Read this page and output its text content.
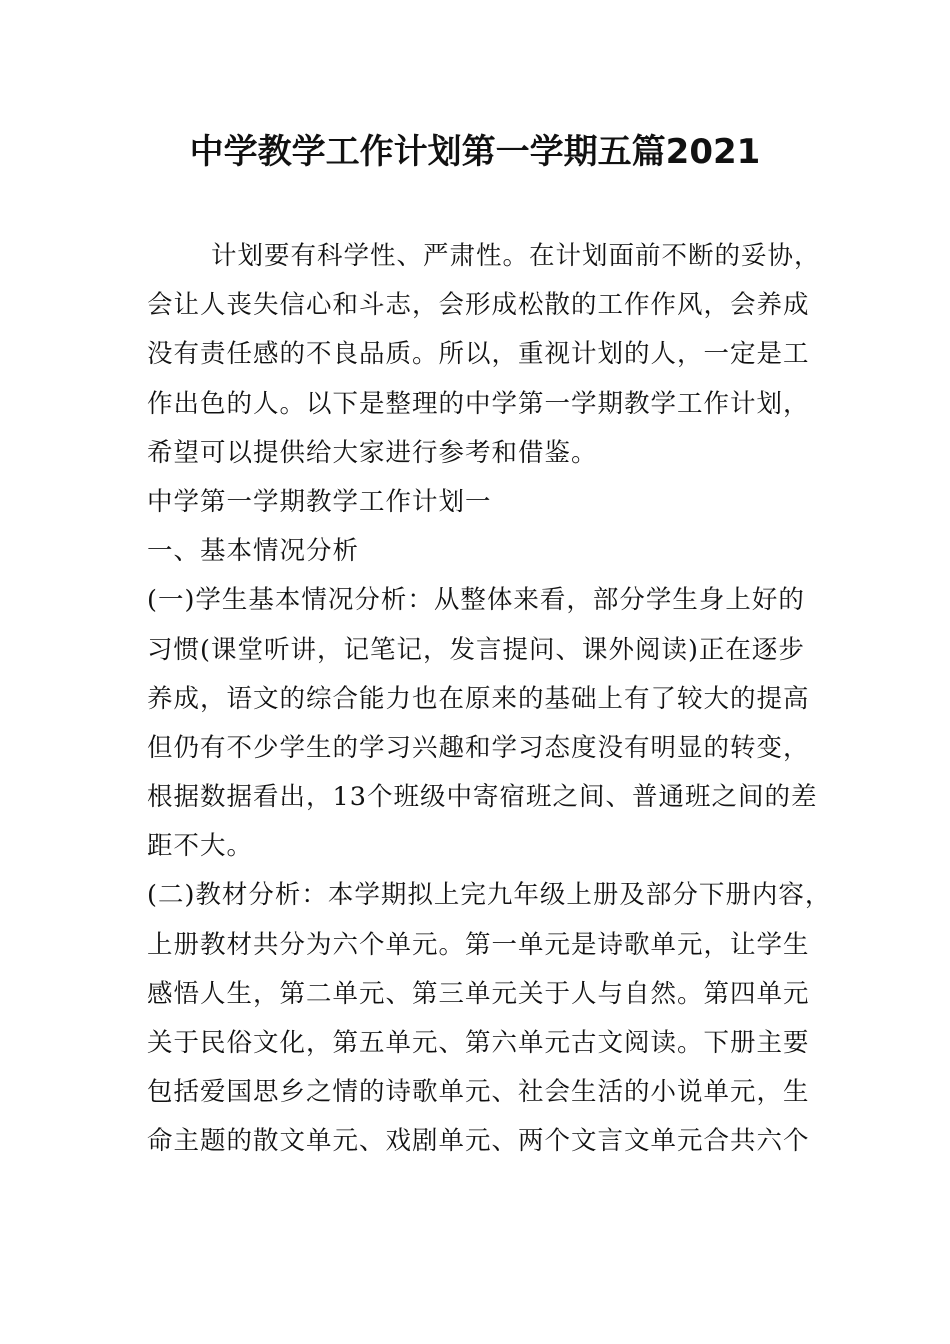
中学教学工作计划第一学期五篇2021
计划要有科学性、严肃性。在计划面前不断的妥协，
会让人丧失信心和斗志，会形成松散的工作作风，会养成
没有责任感的不良品质。所以，重视计划的人，一定是工
作出色的人。以下是整理的中学第一学期教学工作计划，
希望可以提供给大家进行参考和借鉴。
中学第一学期教学工作计划一
一、基本情况分析
(一)学生基本情况分析：从整体来看，部分学生身上好的
习惯(课堂听讲，记笔记，发言提问、课外阅读)正在逐步
养成，语文的综合能力也在原来的基础上有了较大的提高
但仍有不少学生的学习兴趣和学习态度没有明显的转变，
根据数据看出，13个班级中寄宿班之间、普通班之间的差
距不大。
(二)教材分析：本学期拟上完九年级上册及部分下册内容，
上册教材共分为六个单元。第一单元是诗歌单元，让学生
感悟人生，第二单元、第三单元关于人与自然。第四单元
关于民俗文化，第五单元、第六单元古文阅读。下册主要
包括爱国思乡之情的诗歌单元、社会生活的小说单元，生
命主题的散文单元、戏剧单元、两个文言文单元合共六个
